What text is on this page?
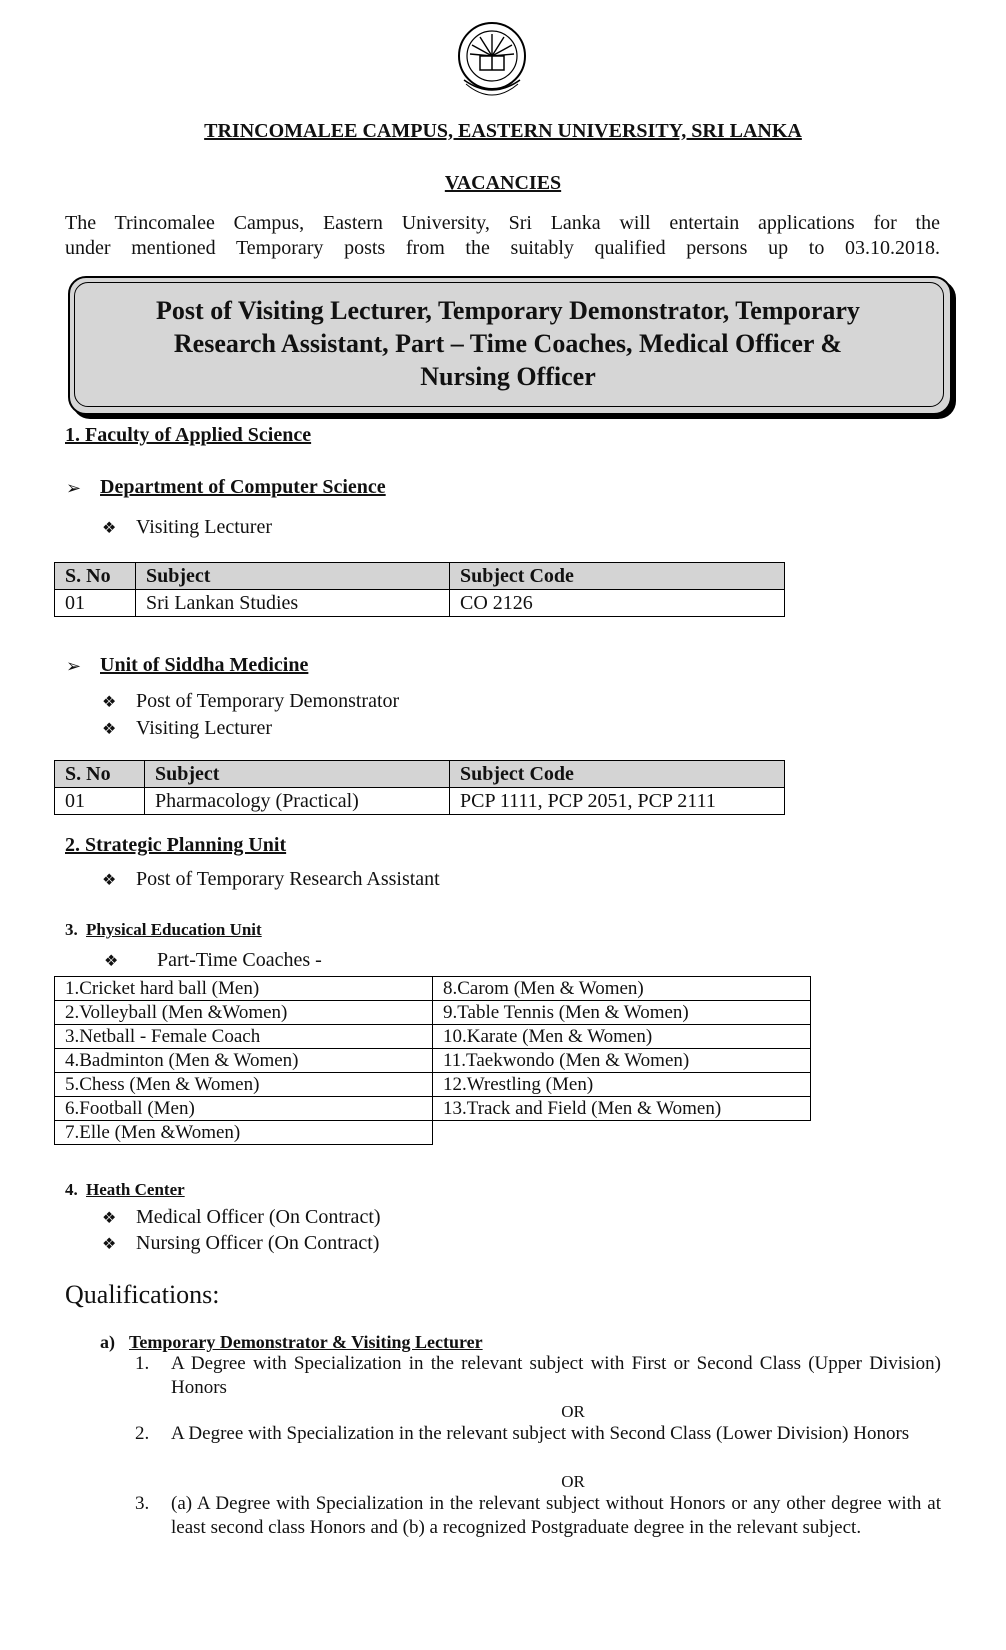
TRINCOMALEE CAMPUS, EASTERN UNIVERSITY, SRI LANKA
VACANCIES
The Trincomalee Campus, Eastern University, Sri Lanka will entertain applications for the
under mentioned Temporary posts from the suitably qualified persons up to 03.10.2018.
Post of Visiting Lecturer, Temporary Demonstrator, Temporary
Research Assistant, Part – Time Coaches, Medical Officer &
Nursing Officer
1. Faculty of Applied Science
➢ Department of Computer Science
❖ Visiting Lecturer
S. No	Subject	Subject Code
01	Sri Lankan Studies	CO 2126
➢ Unit of Siddha Medicine
❖ Post of Temporary Demonstrator
❖ Visiting Lecturer
S. No	Subject	Subject Code
01	Pharmacology (Practical)	PCP 1111, PCP 2051, PCP 2111
2. Strategic Planning Unit
❖ Post of Temporary Research Assistant
3. Physical Education Unit
❖ Part-Time Coaches -
1.Cricket hard ball (Men)	8.Carom (Men & Women)
2.Volleyball (Men &Women)	9.Table Tennis (Men & Women)
3.Netball - Female Coach	10.Karate (Men & Women)
4.Badminton (Men & Women)	11.Taekwondo (Men & Women)
5.Chess (Men & Women)	12.Wrestling (Men)
6.Football (Men)	13.Track and Field (Men & Women)
7.Elle (Men &Women)	
4. Heath Center
❖ Medical Officer (On Contract)
❖ Nursing Officer (On Contract)
Qualifications:
a) Temporary Demonstrator & Visiting Lecturer
1. A Degree with Specialization in the relevant subject with First or Second Class (Upper Division) Honors
OR
2. A Degree with Specialization in the relevant subject with Second Class (Lower Division) Honors
OR
3. (a) A Degree with Specialization in the relevant subject without Honors or any other degree with at least second class Honors and (b) a recognized Postgraduate degree in the relevant subject.
